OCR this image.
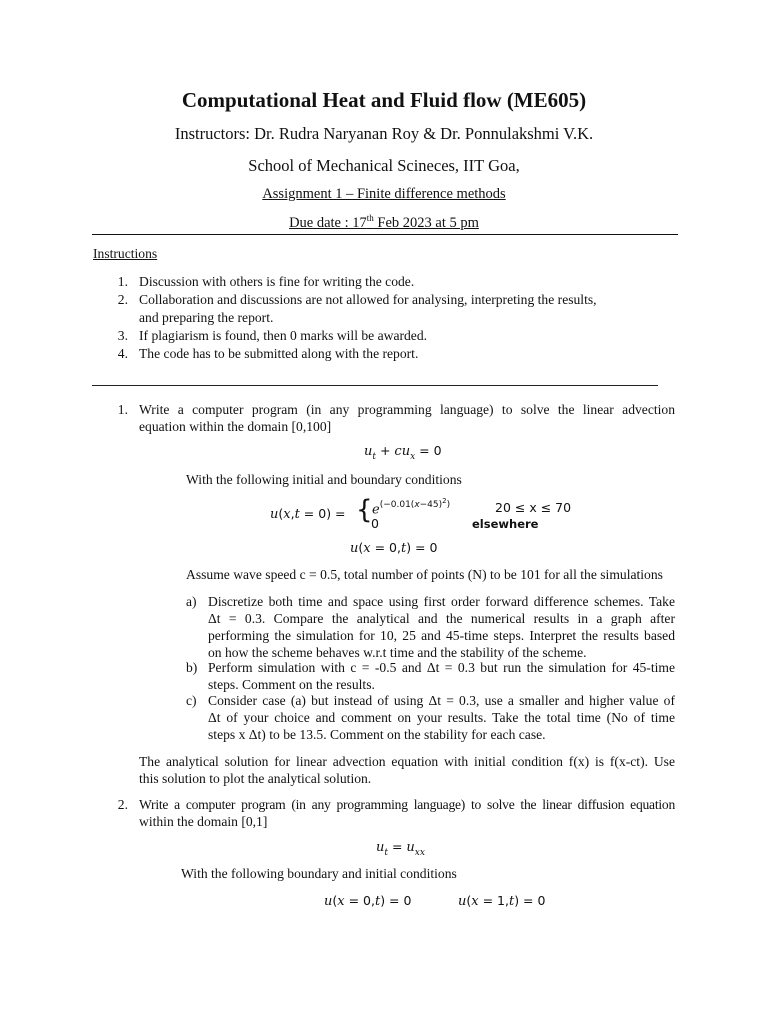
Computational Heat and Fluid flow (ME605)
Instructors: Dr. Rudra Naryanan Roy & Dr. Ponnulakshmi V.K.
School of Mechanical Scineces, IIT Goa,
Assignment 1 – Finite difference methods
Due date : 17th Feb 2023 at 5 pm
Instructions
1. Discussion with others is fine for writing the code.
2. Collaboration and discussions are not allowed for analysing, interpreting the results,
and preparing the report.
3. If plagiarism is found, then 0 marks will be awarded.
4. The code has to be submitted along with the report.
1. Write a computer program (in any programming language) to solve the linear advection
equation within the domain [0,100]
$u_t + cu_x = 0$
With the following initial and boundary conditions
u(x,t = 0) = { $e^{(-0.01(x-45)^2)}$	20 ≤ x ≤ 70
0	elsewhere
u(x = 0,t) = 0
Assume wave speed c = 0.5, total number of points (N) to be 101 for all the simulations
a) Discretize both time and space using first order forward difference schemes. Take
Δt = 0.3. Compare the analytical and the numerical results in a graph after
performing the simulation for 10, 25 and 45-time steps. Interpret the results based
on how the scheme behaves w.r.t time and the stability of the scheme.
b) Perform simulation with c = -0.5 and Δt = 0.3 but run the simulation for 45-time
steps. Comment on the results.
c) Consider case (a) but instead of using Δt = 0.3, use a smaller and higher value of
Δt of your choice and comment on your results. Take the total time (No of time
steps x Δt) to be 13.5. Comment on the stability for each case.
The analytical solution for linear advection equation with initial condition f(x) is f(x-ct). Use
this solution to plot the analytical solution.
2. Write a computer program (in any programming language) to solve the linear diffusion equation
within the domain [0,1]
$u_t = u_{xx}$
With the following boundary and initial conditions
u(x = 0,t) = 0	u(x = 1,t) = 0
